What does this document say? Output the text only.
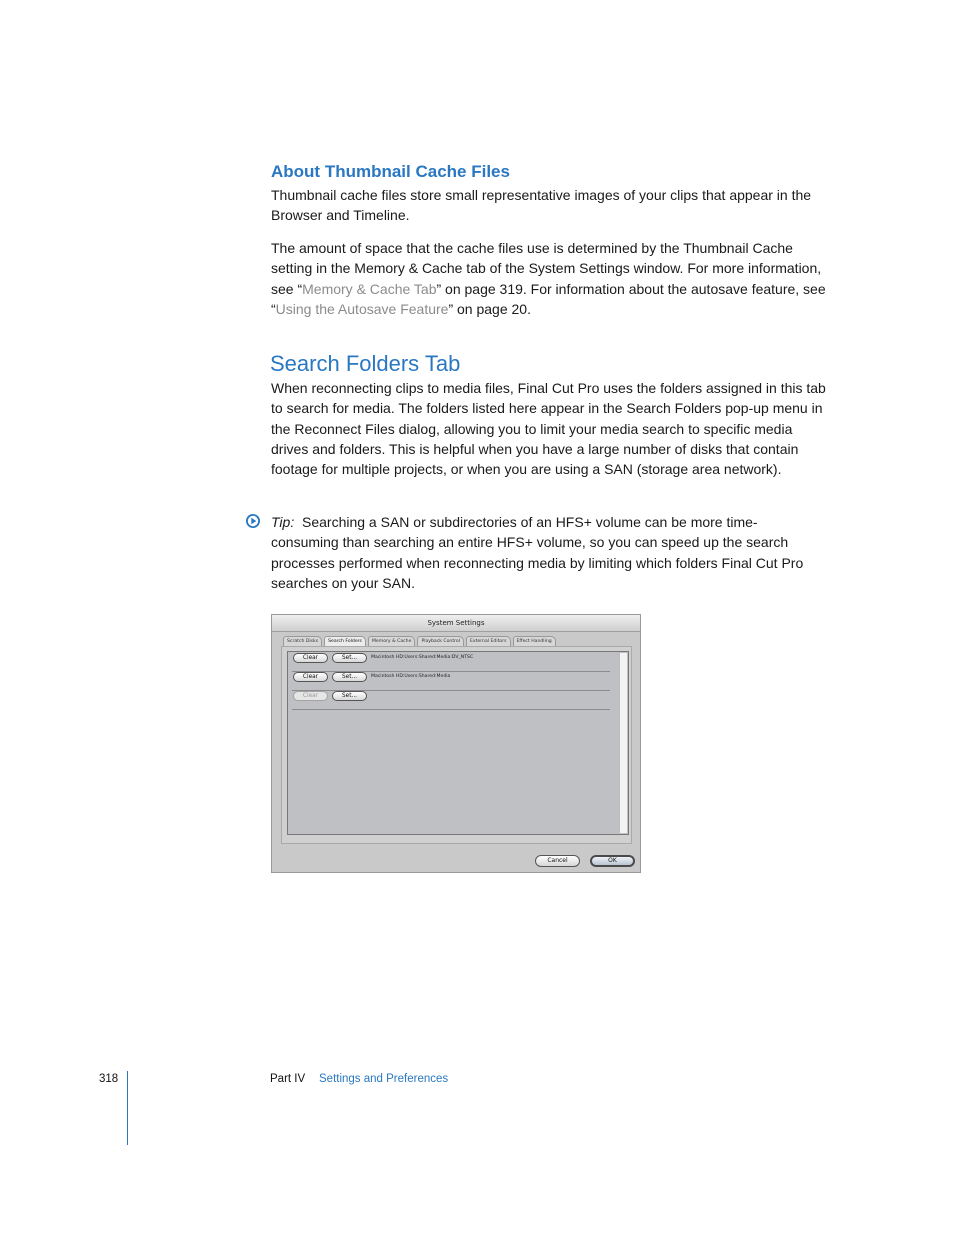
About Thumbnail Cache Files

Thumbnail cache files store small representative images of your clips that appear in the Browser and Timeline.

The amount of space that the cache files use is determined by the Thumbnail Cache setting in the Memory & Cache tab of the System Settings window. For more information, see “Memory & Cache Tab” on page 319. For information about the autosave feature, see “Using the Autosave Feature” on page 20.

Search Folders Tab

When reconnecting clips to media files, Final Cut Pro uses the folders assigned in this tab to search for media. The folders listed here appear in the Search Folders pop-up menu in the Reconnect Files dialog, allowing you to limit your media search to specific media drives and folders. This is helpful when you have a large number of disks that contain footage for multiple projects, or when you are using a SAN (storage area network).

Tip: Searching a SAN or subdirectories of an HFS+ volume can be more time-consuming than searching an entire HFS+ volume, so you can speed up the search processes performed when reconnecting media by limiting which folders Final Cut Pro searches on your SAN.

System Settings
Scratch Disks	Search Folders	Memory & Cache	Playback Control	External Editors	Effect Handling
Clear	Set...	Macintosh HD:Users:Shared:Media:DV_NTSC
Clear	Set...	Macintosh HD:Users:Shared:Media
Clear	Set...
Cancel	OK
318	Part IV Settings and Preferences
